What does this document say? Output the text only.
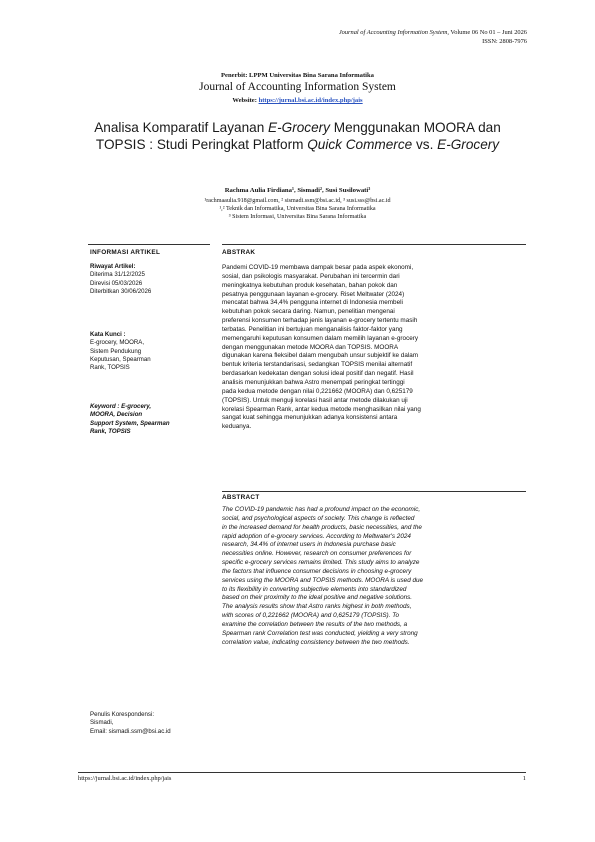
Journal of Accounting Information System, Volume 06 No 01 – Juni 2026
ISSN: 2808-7976
Penerbit: LPPM Universitas Bina Sarana Informatika
Journal of Accounting Information System
Website: https://jurnal.bsi.ac.id/index.php/jais
Analisa Komparatif Layanan E-Grocery Menggunakan MOORA dan TOPSIS : Studi Peringkat Platform Quick Commerce vs. E-Grocery
Rachma Aulia Firdiana¹, Sismadi², Susi Susilowati³
¹rachmaaulia.918@gmail.com, ² sismadi.ssm@bsi.ac.id, ³ susi.sss@bsi.ac.id
¹,² Teknik dan Informatika, Universitas Bina Sarana Informatika
³ Sistem Informasi, Universitas Bina Sarana Informatika
INFORMASI ARTIKEL
Riwayat Artikel:
Diterima 31/12/2025
Direvisi 05/03/2026
Diterbitkan 30/06/2026
Kata Kunci :
E-grocery, MOORA,
Sistem Pendukung
Keputusan, Spearman
Rank, TOPSIS
Keyword : E-grocery,
MOORA, Decision
Support System, Spearman
Rank, TOPSIS
Penulis Korespondensi:
Sismadi,
Email: sismadi.ssm@bsi.ac.id
ABSTRAK
Pandemi COVID-19 membawa dampak besar pada aspek ekonomi,
sosial, dan psikologis masyarakat. Perubahan ini tercermin dari
meningkatnya kebutuhan produk kesehatan, bahan pokok dan
pesatnya penggunaan layanan e-grocery. Riset Meltwater (2024)
mencatat bahwa 34,4% pengguna internet di Indonesia membeli
kebutuhan pokok secara daring. Namun, penelitian mengenai
preferensi konsumen terhadap jenis layanan e-grocery tertentu masih
terbatas. Penelitian ini bertujuan menganalisis faktor-faktor yang
memengaruhi keputusan konsumen dalam memilih layanan e-grocery
dengan menggunakan metode MOORA dan TOPSIS. MOORA
digunakan karena fleksibel dalam mengubah unsur subjektif ke dalam
bentuk kriteria terstandarisasi, sedangkan TOPSIS menilai alternatif
berdasarkan kedekatan dengan solusi ideal positif dan negatif. Hasil
analisis menunjukkan bahwa Astro menempati peringkat tertinggi
pada kedua metode dengan nilai 0,221662 (MOORA) dan 0,625179
(TOPSIS). Untuk menguji korelasi hasil antar metode dilakukan uji
korelasi Spearman Rank, antar kedua metode menghasilkan nilai yang
sangat kuat sehingga menunjukkan adanya konsistensi antara
keduanya.
ABSTRACT
The COVID-19 pandemic has had a profound impact on the economic,
social, and psychological aspects of society. This change is reflected
in the increased demand for health products, basic necessities, and the
rapid adoption of e-grocery services. According to Meltwater's 2024
research, 34.4% of internet users in Indonesia purchase basic
necessities online. However, research on consumer preferences for
specific e-grocery services remains limited. This study aims to analyze
the factors that influence consumer decisions in choosing e-grocery
services using the MOORA and TOPSIS methods. MOORA is used due
to its flexibility in converting subjective elements into standardized
based on their proximity to the ideal positive and negative solutions.
The analysis results show that Astro ranks highest in both methods,
with scores of 0,221662 (MOORA) and 0,625179 (TOPSIS). To
examine the correlation between the results of the two methods, a
Spearman rank Correlation test was conducted, yielding a very strong
correlation value, indicating consistency between the two methods.
https://jurnal.bsi.ac.id/index.php/jais	1
